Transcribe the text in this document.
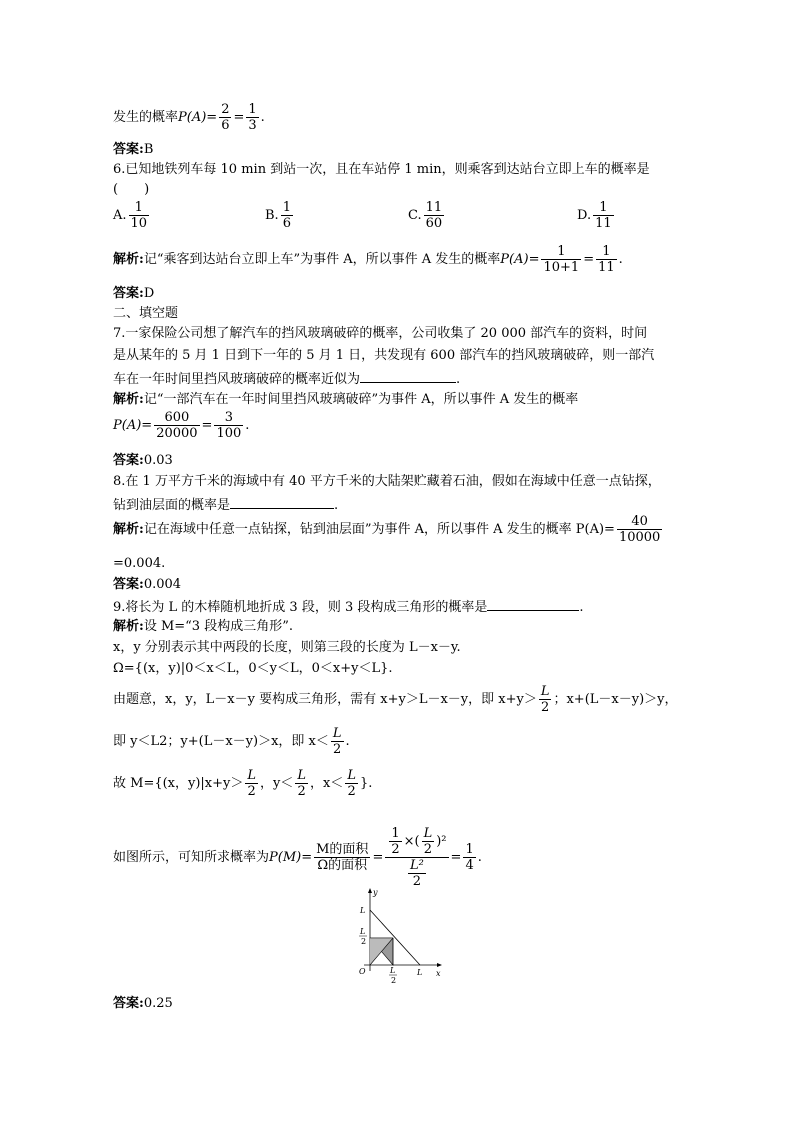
发生的概率$P(A)= \frac{2}{6} = \frac{1}{3}$ .
答案:B
6.已知地铁列车每 10 min 到站一次，且在车站停 1 min，则乘客到达站台立即上车的概率是
(　　)
A. $\frac{1}{10}$	B. $\frac{1}{6}$	C. $\frac{11}{60}$	D. $\frac{1}{11}$
解析:记“乘客到达站台立即上车”为事件 A，所以事件 A 发生的概率$P(A)= \frac{1}{10+1} = \frac{1}{11}$ .
答案:D
二、填空题
7.一家保险公司想了解汽车的挡风玻璃破碎的概率，公司收集了 20 000 部汽车的资料，时间
是从某年的 5 月 1 日到下一年的 5 月 1 日，共发现有 600 部汽车的挡风玻璃破碎，则一部汽
车在一年时间里挡风玻璃破碎的概率近似为	.
解析:记“一部汽车在一年时间里挡风玻璃破碎”为事件 A，所以事件 A 发生的概率
$P(A)= \frac{600}{20000} = \frac{3}{100}$ .
答案:0.03
8.在 1 万平方千米的海域中有 40 平方千米的大陆架贮藏着石油，假如在海域中任意一点钻探，
钻到油层面的概率是	.
解析:记在海域中任意一点钻探，钻到油层面”为事件 A，所以事件 A 发生的概率 $P(A)= \frac{40}{10000}$
=0.004.
答案:0.004
9.将长为 L 的木棒随机地折成 3 段，则 3 段构成三角形的概率是	.
解析:设 M=“3 段构成三角形”.
x，y 分别表示其中两段的长度，则第三段的长度为 L－x－y.
Ω={(x，y)|0＜x＜L，0＜y＜L，0＜x+y＜L}.
由题意，x，y，L－x－y 要构成三角形，需有 x+y＞L－x－y，即 $x+y> \frac{L}{2}$ ；x+(L－x－y)＞y，
即 y＜L2；y+(L－x－y)＞x，即 $x< \frac{L}{2}$ .
故 M={(x，$y)|x+y> \frac{L}{2}$ ，$y< \frac{L}{2}$ ，$x< \frac{L}{2}$ }.
如图所示，可知所求概率为$P(M)= \frac{\text{M的面积}}{\text{Ω的面积}} = \frac{\frac{1}{2} \times( \frac{L}{2} )^2}{\frac{\text{L²}}{2}} = \frac{1}{4}$ .
答案:0.25
y
x
O
L
L
L
2
L
2
